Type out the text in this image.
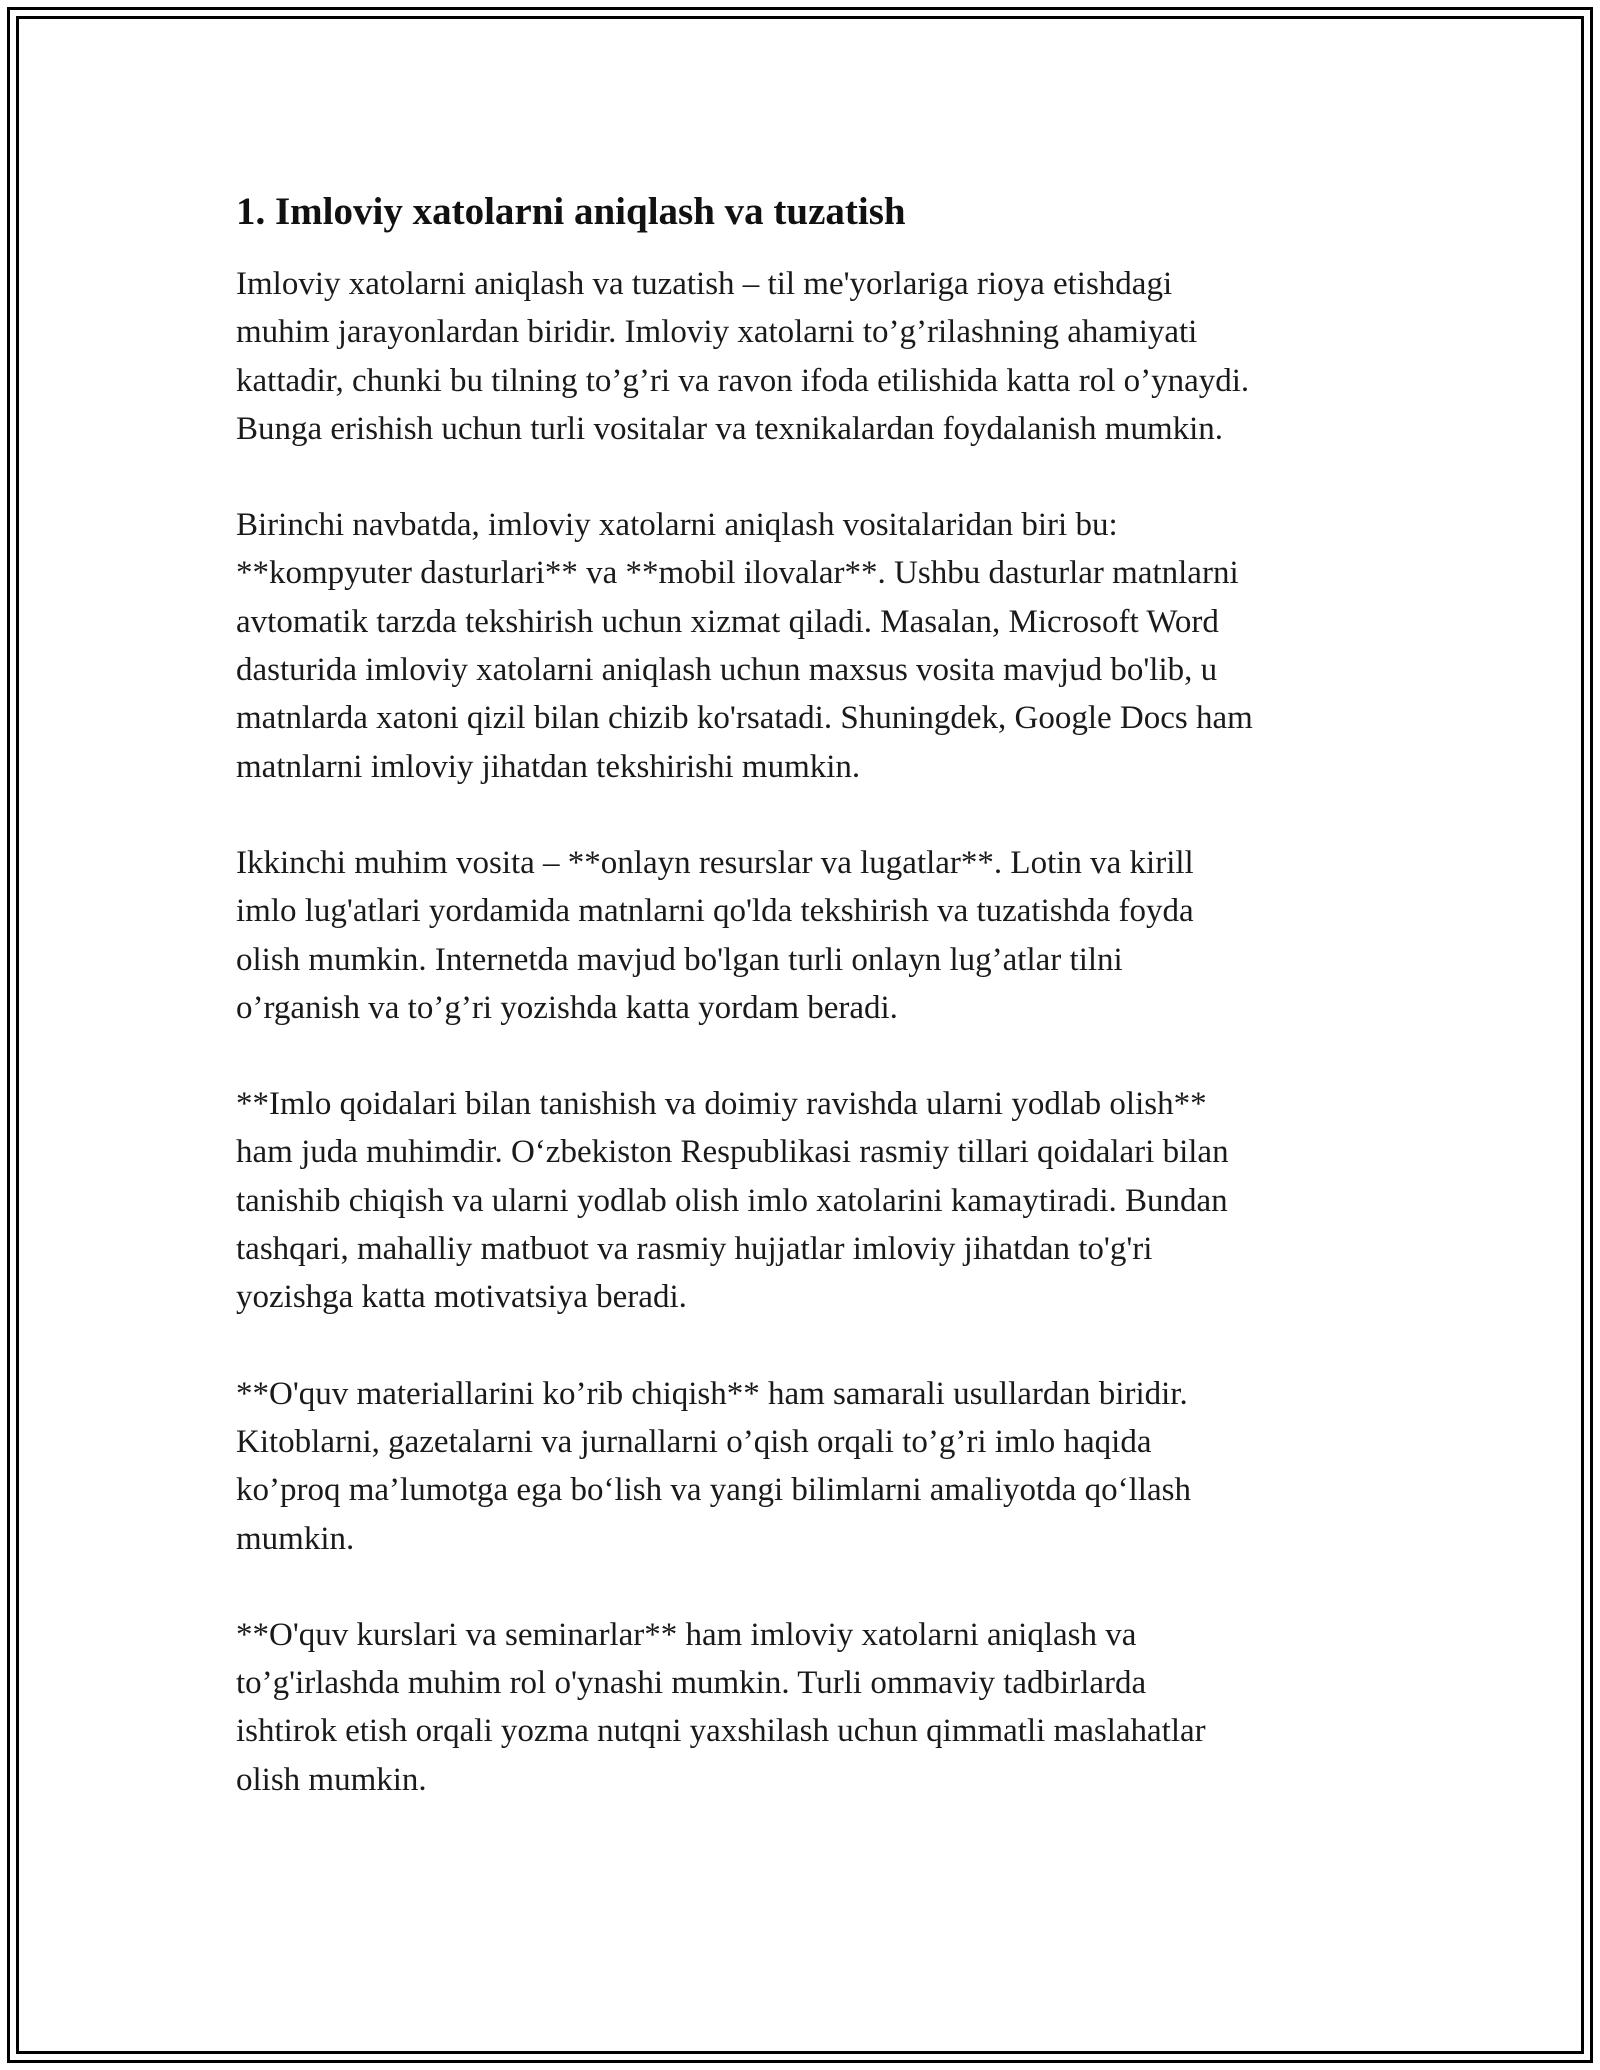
1. Imloviy xatolarni aniqlash va tuzatish

Imloviy xatolarni aniqlash va tuzatish – til me'yorlariga rioya etishdagi
muhim jarayonlardan biridir. Imloviy xatolarni to’g’rilashning ahamiyati
kattadir, chunki bu tilning to’g’ri va ravon ifoda etilishida katta rol o’ynaydi.
Bunga erishish uchun turli vositalar va texnikalardan foydalanish mumkin.

Birinchi navbatda, imloviy xatolarni aniqlash vositalaridan biri bu:
**kompyuter dasturlari** va **mobil ilovalar**. Ushbu dasturlar matnlarni
avtomatik tarzda tekshirish uchun xizmat qiladi. Masalan, Microsoft Word
dasturida imloviy xatolarni aniqlash uchun maxsus vosita mavjud bo'lib, u
matnlarda xatoni qizil bilan chizib ko'rsatadi. Shuningdek, Google Docs ham
matnlarni imloviy jihatdan tekshirishi mumkin.

Ikkinchi muhim vosita – **onlayn resurslar va lugatlar**. Lotin va kirill
imlo lug'atlari yordamida matnlarni qo'lda tekshirish va tuzatishda foyda
olish mumkin. Internetda mavjud bo'lgan turli onlayn lug’atlar tilni
o’rganish va to’g’ri yozishda katta yordam beradi.

**Imlo qoidalari bilan tanishish va doimiy ravishda ularni yodlab olish**
ham juda muhimdir. O‘zbekiston Respublikasi rasmiy tillari qoidalari bilan
tanishib chiqish va ularni yodlab olish imlo xatolarini kamaytiradi. Bundan
tashqari, mahalliy matbuot va rasmiy hujjatlar imloviy jihatdan to'g'ri
yozishga katta motivatsiya beradi.

**O'quv materiallarini ko’rib chiqish** ham samarali usullardan biridir.
Kitoblarni, gazetalarni va jurnallarni o’qish orqali to’g’ri imlo haqida
ko’proq ma’lumotga ega bo‘lish va yangi bilimlarni amaliyotda qo‘llash
mumkin.

**O'quv kurslari va seminarlar** ham imloviy xatolarni aniqlash va
to’g'irlashda muhim rol o'ynashi mumkin. Turli ommaviy tadbirlarda
ishtirok etish orqali yozma nutqni yaxshilash uchun qimmatli maslahatlar
olish mumkin.
